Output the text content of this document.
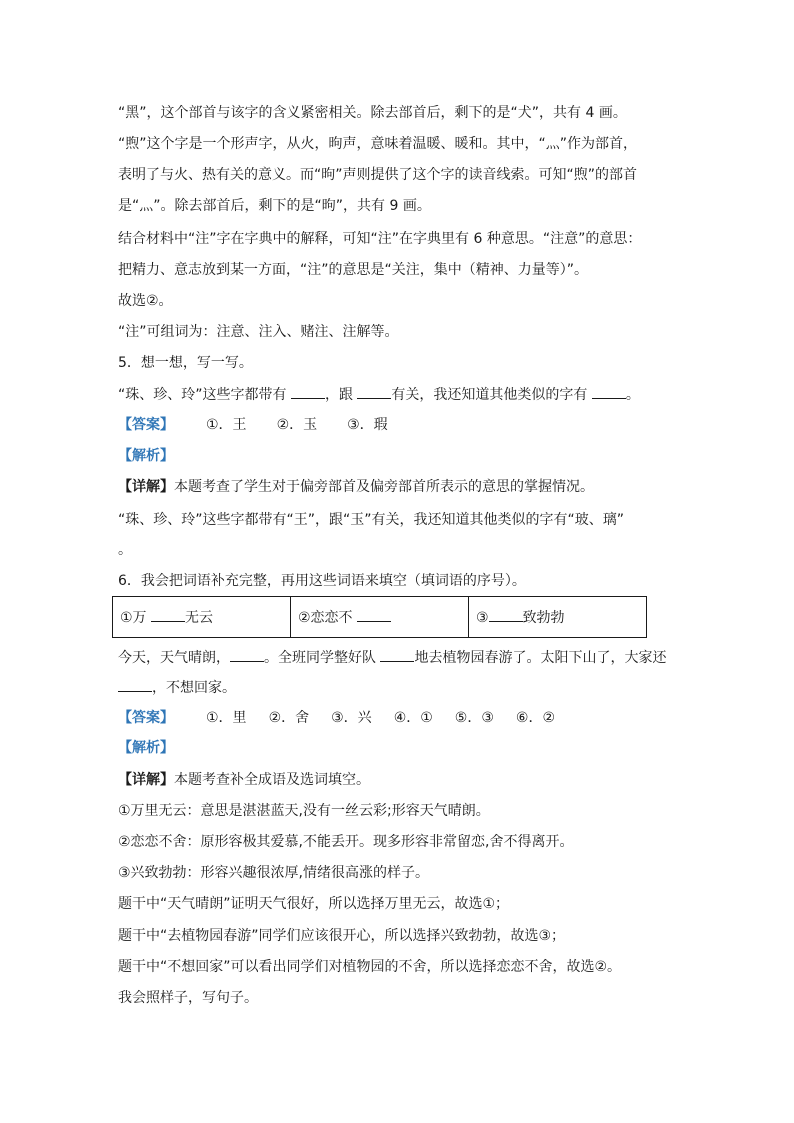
“黑”，这个部首与该字的含义紧密相关。除去部首后，剩下的是“犬”，共有 4 画。
“煦”这个字是一个形声字，从火，昫声，意味着温暖、暖和。其中，“灬”作为部首，
表明了与火、热有关的意义。而“昫”声则提供了这个字的读音线索。可知“煦”的部首
是“灬”。除去部首后，剩下的是“昫”，共有 9 画。
结合材料中“注”字在字典中的解释，可知“注”在字典里有 6 种意思。“注意”的意思：
把精力、意志放到某一方面，“注”的意思是“关注，集中（精神、力量等）”。
故选②。
“注”可组词为：注意、注入、赌注、注解等。
5．想一想，写一写。
“珠、珍、玲”这些字都带有 ，跟 有关，我还知道其他类似的字有 。
【答案】 ①．王 ②．玉 ③．瑕
【解析】
【详解】本题考查了学生对于偏旁部首及偏旁部首所表示的意思的掌握情况。
“珠、珍、玲”这些字都带有“王”，跟“玉”有关，我还知道其他类似的字有“玻、璃”
。
6．我会把词语补充完整，再用这些词语来填空（填词语的序号）。
①万 无云	②恋恋不	③ 致勃勃
今天，天气晴朗， 。全班同学整好队 地去植物园春游了。太阳下山了，大家还
，不想回家。
【答案】 ①．里 ②．舍 ③．兴 ④．① ⑤．③ ⑥．②
【解析】
【详解】本题考查补全成语及选词填空。
①万里无云：意思是湛湛蓝天,没有一丝云彩;形容天气晴朗。
②恋恋不舍：原形容极其爱慕,不能丢开。现多形容非常留恋,舍不得离开。
③兴致勃勃：形容兴趣很浓厚,情绪很高涨的样子。
题干中“天气晴朗”证明天气很好，所以选择万里无云，故选①；
题干中“去植物园春游”同学们应该很开心，所以选择兴致勃勃，故选③；
题干中“不想回家”可以看出同学们对植物园的不舍，所以选择恋恋不舍，故选②。
我会照样子，写句子。
